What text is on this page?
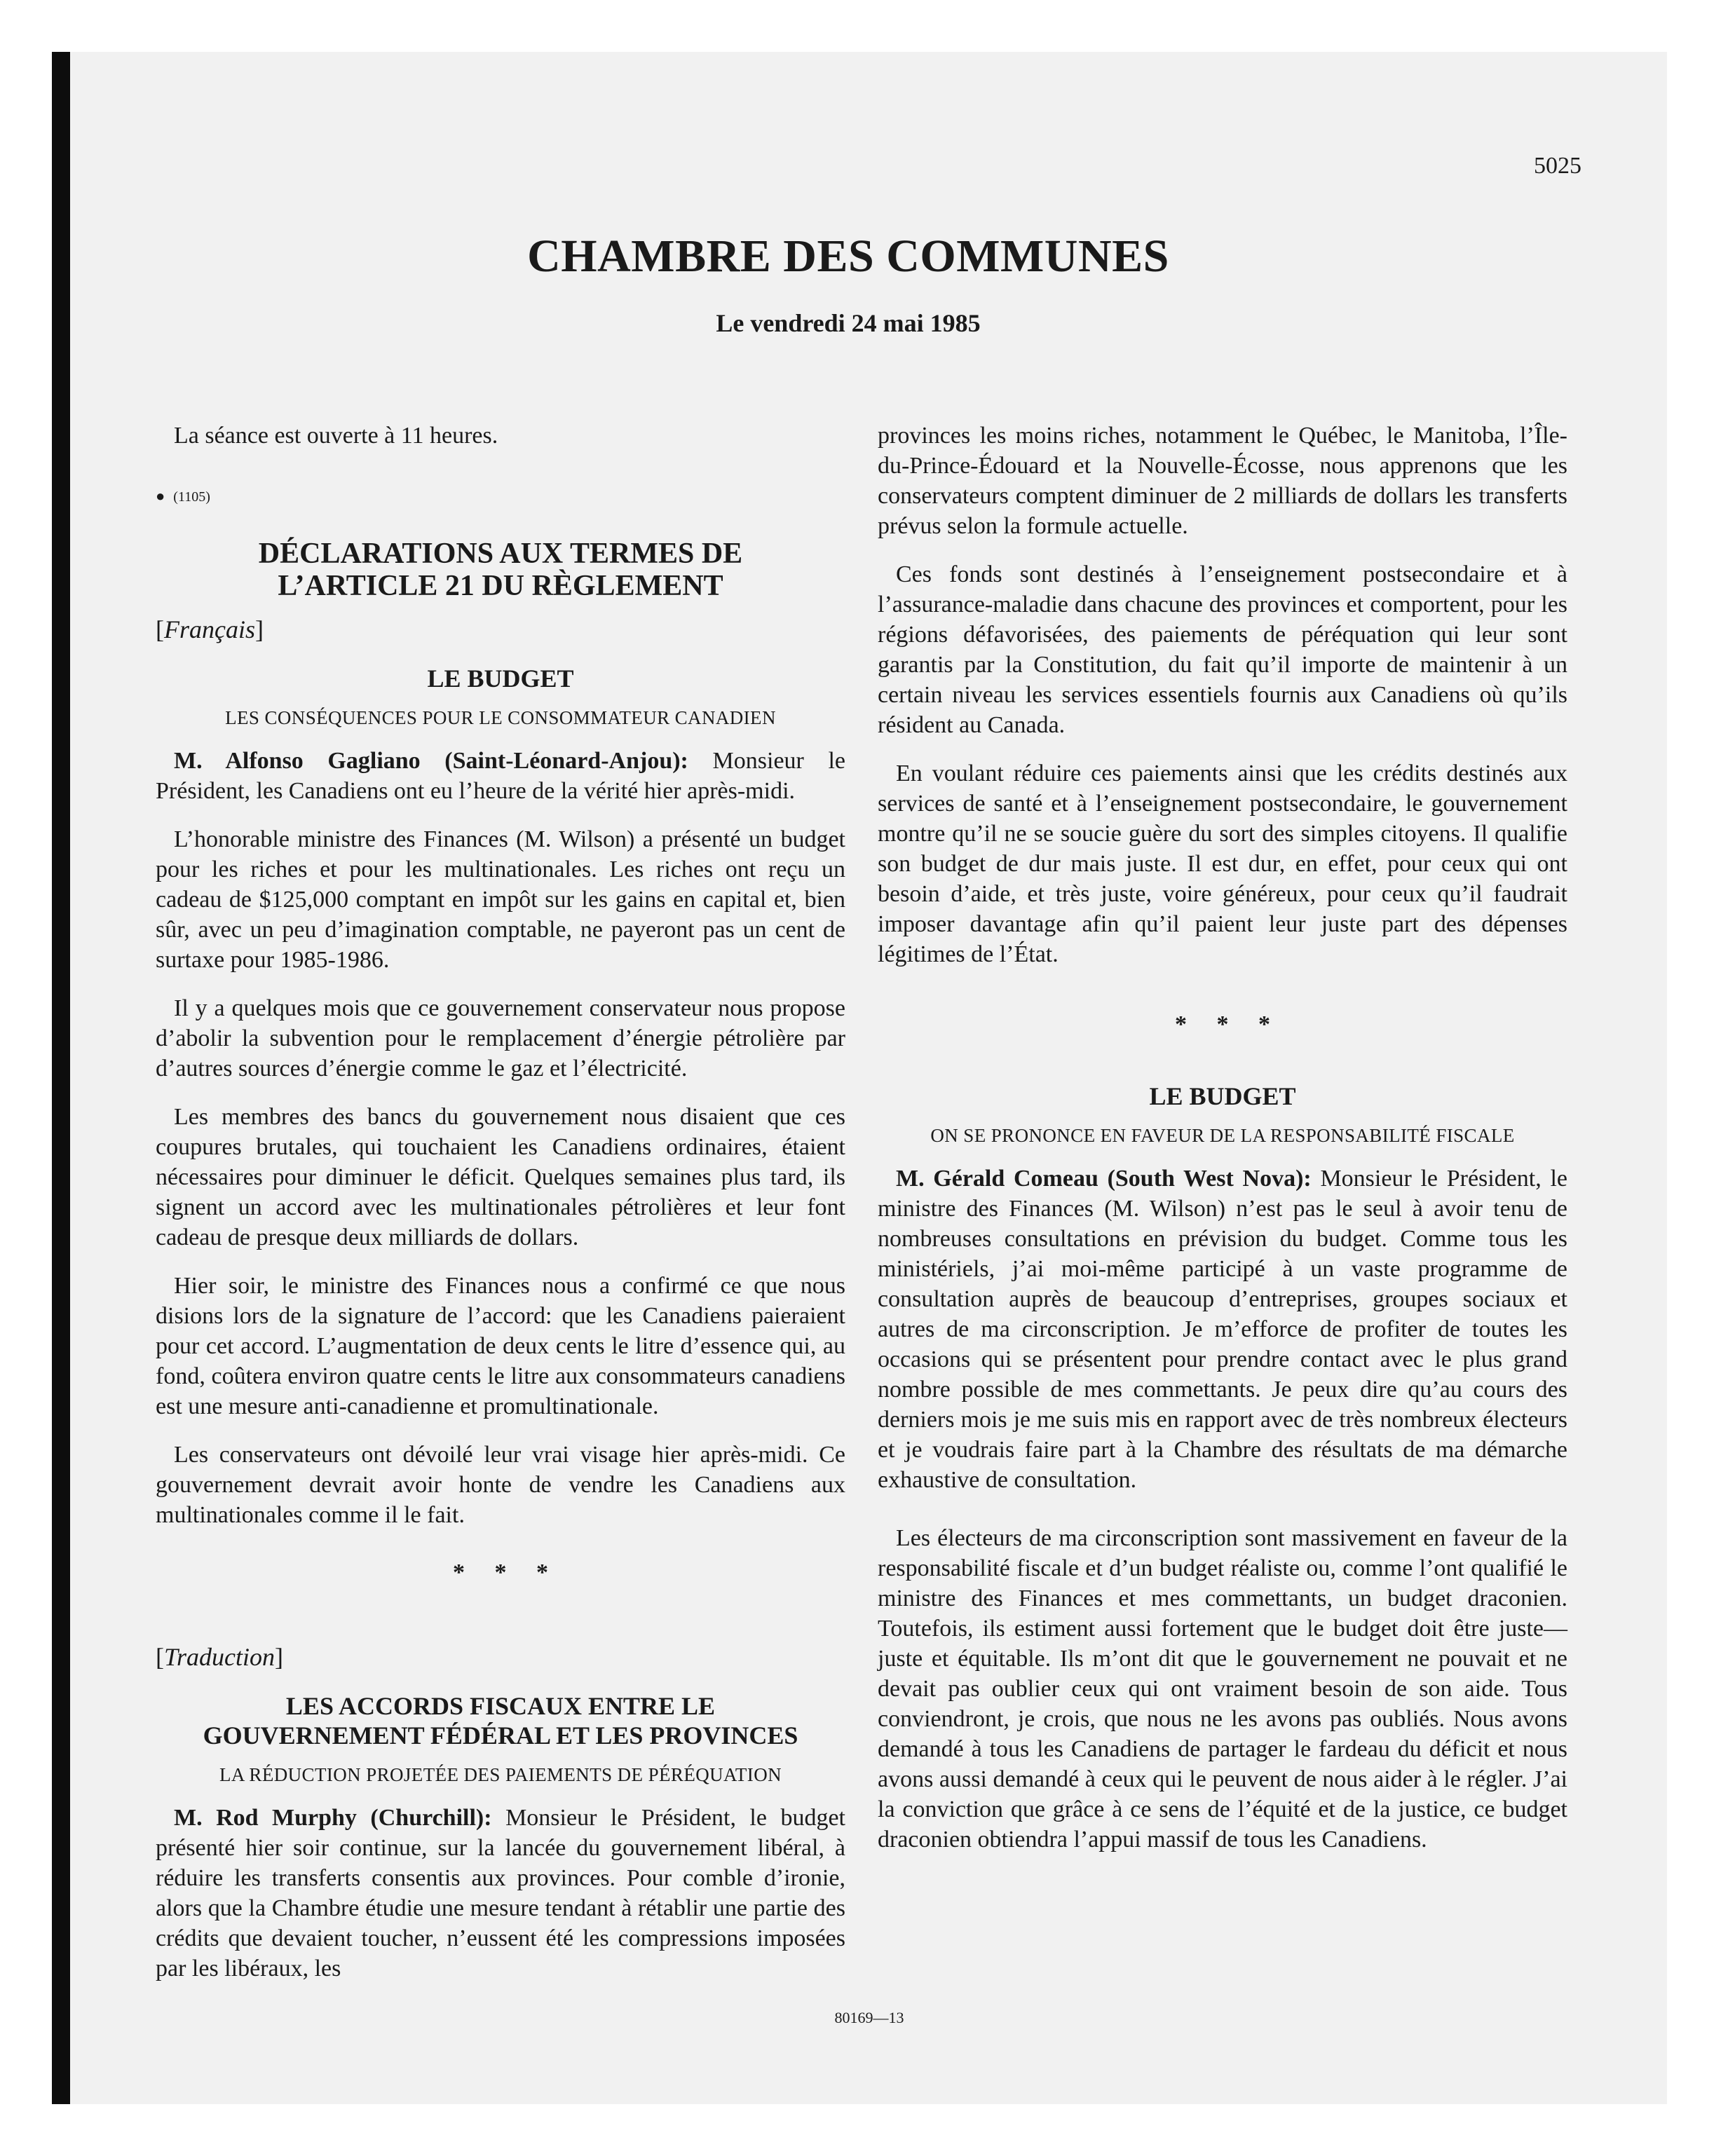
5025
CHAMBRE DES COMMUNES
Le vendredi 24 mai 1985

La séance est ouverte à 11 heures.

● (1105)
DÉCLARATIONS AUX TERMES DE
L’ARTICLE 21 DU RÈGLEMENT
[Français]
LE BUDGET
LES CONSÉQUENCES POUR LE CONSOMMATEUR CANADIEN

M. Alfonso Gagliano (Saint-Léonard-Anjou): Monsieur le Président, les Canadiens ont eu l’heure de la vérité hier après-midi.

L’honorable ministre des Finances (M. Wilson) a présenté un budget pour les riches et pour les multinationales. Les riches ont reçu un cadeau de $125,000 comptant en impôt sur les gains en capital et, bien sûr, avec un peu d’imagination comptable, ne payeront pas un cent de surtaxe pour 1985-1986.

Il y a quelques mois que ce gouvernement conservateur nous propose d’abolir la subvention pour le remplacement d’énergie pétrolière par d’autres sources d’énergie comme le gaz et l’électricité.

Les membres des bancs du gouvernement nous disaient que ces coupures brutales, qui touchaient les Canadiens ordinaires, étaient nécessaires pour diminuer le déficit. Quelques semaines plus tard, ils signent un accord avec les multinationales pétrolières et leur font cadeau de presque deux milliards de dollars.

Hier soir, le ministre des Finances nous a confirmé ce que nous disions lors de la signature de l’accord: que les Canadiens paieraient pour cet accord. L’augmentation de deux cents le litre d’essence qui, au fond, coûtera environ quatre cents le litre aux consommateurs canadiens est une mesure anti-canadienne et promultinationale.

Les conservateurs ont dévoilé leur vrai visage hier après-midi. Ce gouvernement devrait avoir honte de vendre les Canadiens aux multinationales comme il le fait.

* * *
[Traduction]
LES ACCORDS FISCAUX ENTRE LE
GOUVERNEMENT FÉDÉRAL ET LES PROVINCES
LA RÉDUCTION PROJETÉE DES PAIEMENTS DE PÉRÉQUATION

M. Rod Murphy (Churchill): Monsieur le Président, le budget présenté hier soir continue, sur la lancée du gouvernement libéral, à réduire les transferts consentis aux provinces. Pour comble d’ironie, alors que la Chambre étudie une mesure tendant à rétablir une partie des crédits que devaient toucher, n’eussent été les compressions imposées par les libéraux, les

provinces les moins riches, notamment le Québec, le Manitoba, l’Île-du-Prince-Édouard et la Nouvelle-Écosse, nous apprenons que les conservateurs comptent diminuer de 2 milliards de dollars les transferts prévus selon la formule actuelle.

Ces fonds sont destinés à l’enseignement postsecondaire et à l’assurance-maladie dans chacune des provinces et comportent, pour les régions défavorisées, des paiements de péréquation qui leur sont garantis par la Constitution, du fait qu’il importe de maintenir à un certain niveau les services essentiels fournis aux Canadiens où qu’ils résident au Canada.

En voulant réduire ces paiements ainsi que les crédits destinés aux services de santé et à l’enseignement postsecondaire, le gouvernement montre qu’il ne se soucie guère du sort des simples citoyens. Il qualifie son budget de dur mais juste. Il est dur, en effet, pour ceux qui ont besoin d’aide, et très juste, voire généreux, pour ceux qu’il faudrait imposer davantage afin qu’il paient leur juste part des dépenses légitimes de l’État.

* * *
LE BUDGET
ON SE PRONONCE EN FAVEUR DE LA RESPONSABILITÉ FISCALE

M. Gérald Comeau (South West Nova): Monsieur le Président, le ministre des Finances (M. Wilson) n’est pas le seul à avoir tenu de nombreuses consultations en prévision du budget. Comme tous les ministériels, j’ai moi-même participé à un vaste programme de consultation auprès de beaucoup d’entreprises, groupes sociaux et autres de ma circonscription. Je m’efforce de profiter de toutes les occasions qui se présentent pour prendre contact avec le plus grand nombre possible de mes commettants. Je peux dire qu’au cours des derniers mois je me suis mis en rapport avec de très nombreux électeurs et je voudrais faire part à la Chambre des résultats de ma démarche exhaustive de consultation.

Les électeurs de ma circonscription sont massivement en faveur de la responsabilité fiscale et d’un budget réaliste ou, comme l’ont qualifié le ministre des Finances et mes commettants, un budget draconien. Toutefois, ils estiment aussi fortement que le budget doit être juste—juste et équitable. Ils m’ont dit que le gouvernement ne pouvait et ne devait pas oublier ceux qui ont vraiment besoin de son aide. Tous conviendront, je crois, que nous ne les avons pas oubliés. Nous avons demandé à tous les Canadiens de partager le fardeau du déficit et nous avons aussi demandé à ceux qui le peuvent de nous aider à le régler. J’ai la conviction que grâce à ce sens de l’équité et de la justice, ce budget draconien obtiendra l’appui massif de tous les Canadiens.

80169—13
